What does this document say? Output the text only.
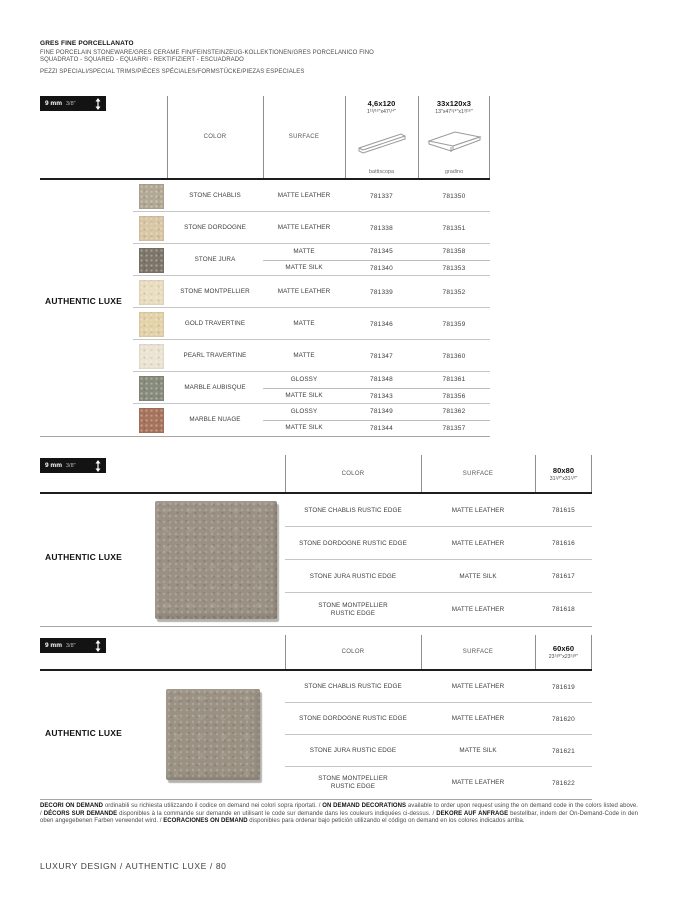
GRES FINE PORCELLANATO
FINE PORCELAIN STONEWARE/GRES CERAME FIN/FEINSTEINZEUG-KOLLEKTIONEN/GRES PORCELANICO FINO
SQUADRATO - SQUARED - EQUARRI - REKTIFIZIERT - ESCUADRADO
PEZZI SPECIALI/SPECIAL TRIMS/PIÈCES SPÉCIALES/FORMSTÜCKE/PIEZAS ESPECIALES
9 mm 3/8"
COLOR	SURFACE
4,6x120
1¹³/¹⁶"x47¹/⁴"
battiscopa
33x120x3
13"x47¹/⁴"x1³/¹⁶"
gradino
STONE CHABLIS	MATTE LEATHER	781337	781350
STONE DORDOGNE	MATTE LEATHER	781338	781351
STONE JURA
MATTE	781345	781358
MATTE SILK	781340	781353
STONE MONTPELLIER	MATTE LEATHER	781339	781352
GOLD TRAVERTINE	MATTE	781346	781359
PEARL TRAVERTINE	MATTE	781347	781360
MARBLE AUBISQUE
GLOSSY	781348	781361
MATTE SILK	781343	781356
MARBLE NUAGE
GLOSSY	781349	781362
MATTE SILK	781344	781357
AUTHENTIC LUXE
9 mm 3/8"
COLOR	SURFACE	80x80
31¹/²"x31¹/²"
AUTHENTIC LUXE
STONE CHABLIS RUSTIC EDGE	MATTE LEATHER	781615
STONE DORDOGNE RUSTIC EDGE	MATTE LEATHER	781616
STONE JURA RUSTIC EDGE	MATTE SILK	781617
STONE MONTPELLIER
RUSTIC EDGE
MATTE LEATHER	781618
9 mm 3/8"
COLOR	SURFACE	60x60
23⁵/⁸"x23⁵/⁸"
AUTHENTIC LUXE
STONE CHABLIS RUSTIC EDGE	MATTE LEATHER	781619
STONE DORDOGNE RUSTIC EDGE	MATTE LEATHER	781620
STONE JURA RUSTIC EDGE	MATTE SILK	781621
STONE MONTPELLIER
RUSTIC EDGE
MATTE LEATHER	781622
DECORI ON DEMAND ordinabili su richiesta utilizzando il codice on demand nei colori sopra riportati. / ON DEMAND DECORATIONS available to order upon request using the on demand code in the colors listed above. / DÉCORS SUR DEMANDE disponibles à la commande sur demande en utilisant le code sur demande dans les couleurs indiquées ci-dessus. / DEKORE AUF ANFRAGE bestellbar, indem der On-Demand-Code in den oben angegebenen Farben verwendet wird. / ECORACIONES ON DEMAND disponibles para ordenar bajo petición utilizando el código on demand en los colores indicados arriba.
LUXURY DESIGN / AUTHENTIC LUXE / 80
